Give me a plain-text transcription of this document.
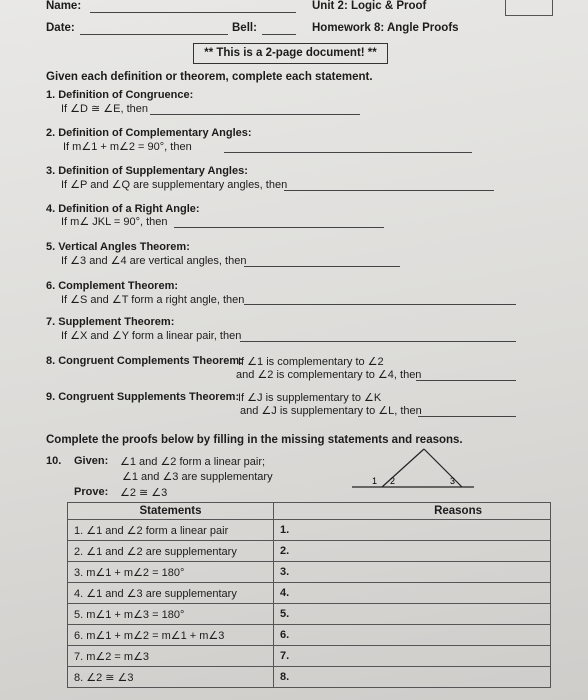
Name:	Unit 2: Logic & Proof
Date:	Bell:	Homework 8: Angle Proofs
** This is a 2-page document! **
Given each definition or theorem, complete each statement.
1. Definition of Congruence:
If ∠D ≅ ∠E, then
2. Definition of Complementary Angles:
If m∠1 + m∠2 = 90°, then
3. Definition of Supplementary Angles:
If ∠P and ∠Q are supplementary angles, then
4. Definition of a Right Angle:
If m∠ JKL = 90°, then
5. Vertical Angles Theorem:
If ∠3 and ∠4 are vertical angles, then
6. Complement Theorem:
If ∠S and ∠T form a right angle, then
7. Supplement Theorem:
If ∠X and ∠Y form a linear pair, then
8. Congruent Complements Theorem:
If ∠1 is complementary to ∠2
and ∠2 is complementary to ∠4, then
9. Congruent Supplements Theorem:
If ∠J is supplementary to ∠K
and ∠J is supplementary to ∠L, then
Complete the proofs below by filling in the missing statements and reasons.
10. Given: ∠1 and ∠2 form a linear pair;
∠1 and ∠3 are supplementary
Prove: ∠2 ≅ ∠3
1 2	3
Statements	Reasons	
1. ∠1 and ∠2 form a linear pair	1.	
2. ∠1 and ∠2 are supplementary	2.	
3. m∠1 + m∠2 = 180°	3.	
4. ∠1 and ∠3 are supplementary	4.	
5. m∠1 + m∠3 = 180°	5.	
6. m∠1 + m∠2 = m∠1 + m∠3	6.	
7. m∠2 = m∠3	7.	
8. ∠2 ≅ ∠3	8.	
